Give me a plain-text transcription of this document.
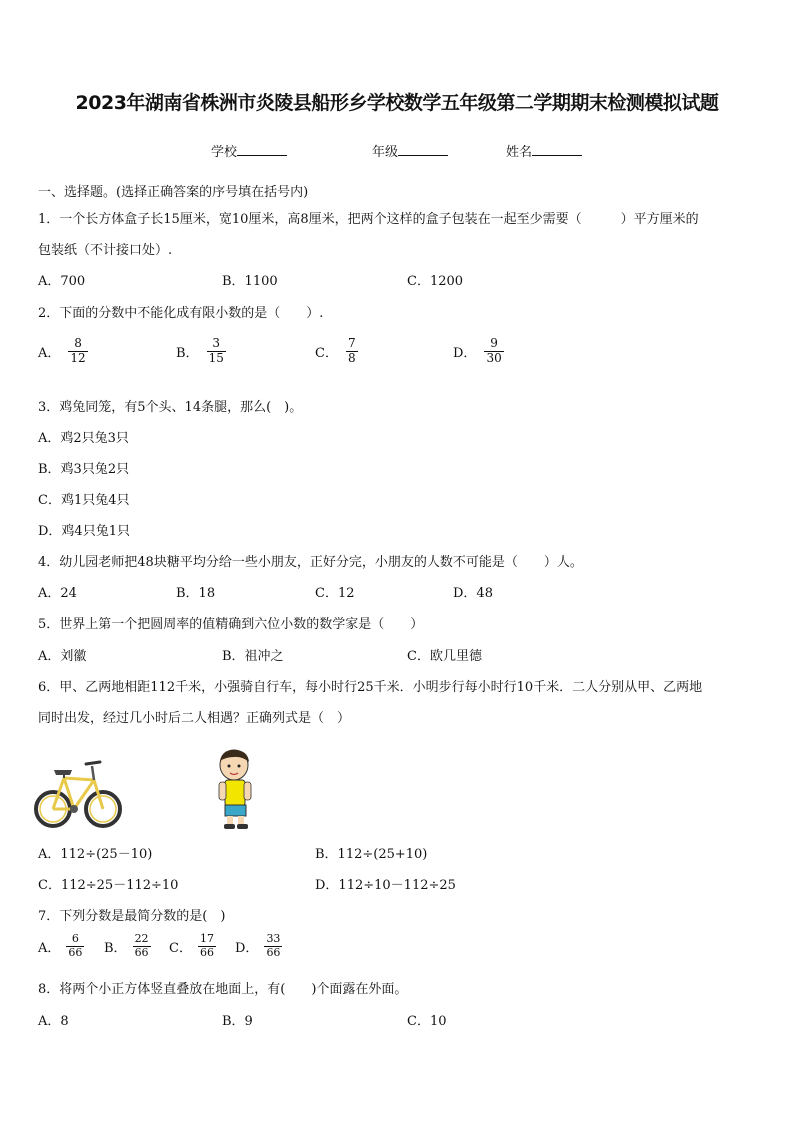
2023年湖南省株洲市炎陵县船形乡学校数学五年级第二学期期末检测模拟试题
学校	年级	姓名
一、选择题。(选择正确答案的序号填在括号内)
1．一个长方体盒子长15厘米，宽10厘米，高8厘米，把两个这样的盒子包装在一起至少需要（　　　）平方厘米的
包装纸（不计接口处）.
A．700	B．1100	C．1200
2．下面的分数中不能化成有限小数的是（　　）.
A． $\frac{8}{12}$	B． $\frac{3}{15}$	C． $\frac{7}{8}$	D． $\frac{9}{30}$
3．鸡兔同笼，有5个头、14条腿，那么(　)。
A．鸡2只兔3只
B．鸡3只兔2只
C．鸡1只兔4只
D．鸡4只兔1只
4．幼儿园老师把48块糖平均分给一些小朋友，正好分完，小朋友的人数不可能是（　　）人。
A．24	B．18	C．12	D．48
5．世界上第一个把圆周率的值精确到六位小数的数学家是（　　）
A．刘徽	B．祖冲之	C．欧几里德
6．甲、乙两地相距112千米，小强骑自行车，每小时行25千米．小明步行每小时行10千米．二人分别从甲、乙两地
同时出发，经过几小时后二人相遇？正确列式是（　）
A．112÷(25－10)	B．112÷(25+10)
C．112÷25－112÷10	D．112÷10－112÷25
7．下列分数是最简分数的是(　)
A． $\frac{6}{66}$ B． $\frac{22}{66}$ C． $\frac{17}{66}$ D． $\frac{33}{66}$
8．将两个小正方体竖直叠放在地面上，有(　　)个面露在外面。
A．8	B．9	C．10
